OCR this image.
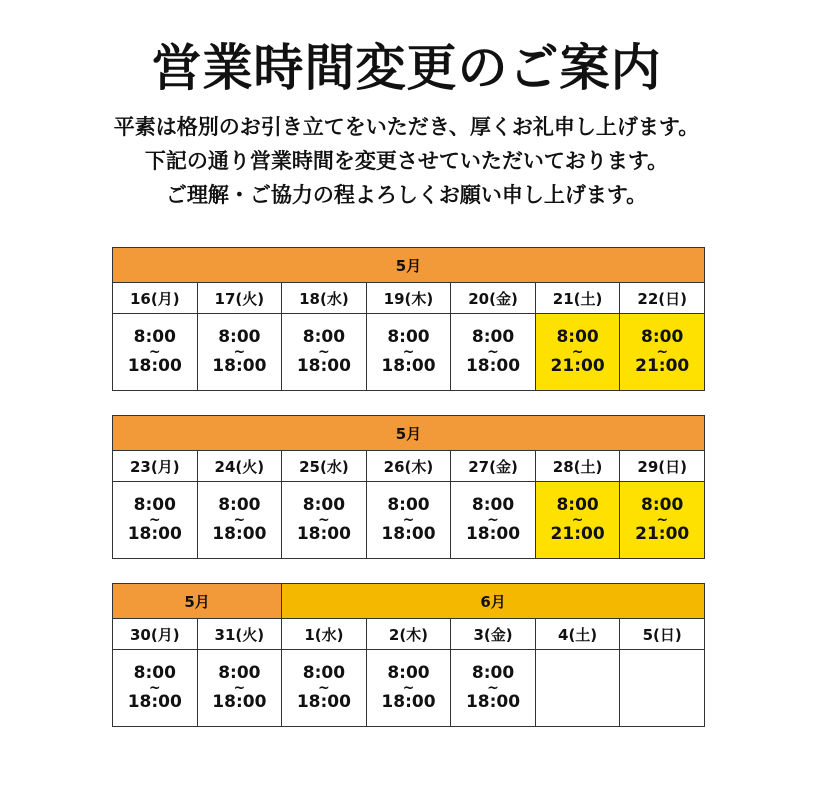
営業時間変更のご案内
平素は格別のお引き立てをいただき、厚くお礼申し上げます。
下記の通り営業時間を変更させていただいております。
ご理解・ご協力の程よろしくお願い申し上げます。
5月						
16(月)	17(火)	18(水)	19(木)	20(金)	21(土)	22(日)

8:00
~
18:00	8:00
~
18:00	8:00
~
18:00	8:00
~
18:00	8:00
~
18:00	8:00
~
21:00	8:00
~
21:00
5月						
23(月)	24(火)	25(水)	26(木)	27(金)	28(土)	29(日)

8:00
~
18:00	8:00
~
18:00	8:00
~
18:00	8:00
~
18:00	8:00
~
18:00	8:00
~
21:00	8:00
~
21:00
5月		6月				
30(月)	31(火)	1(水)	2(木)	3(金)	4(土)	5(日)

8:00
~
18:00	8:00
~
18:00	8:00
~
18:00	8:00
~
18:00	8:00
~
18:00		
